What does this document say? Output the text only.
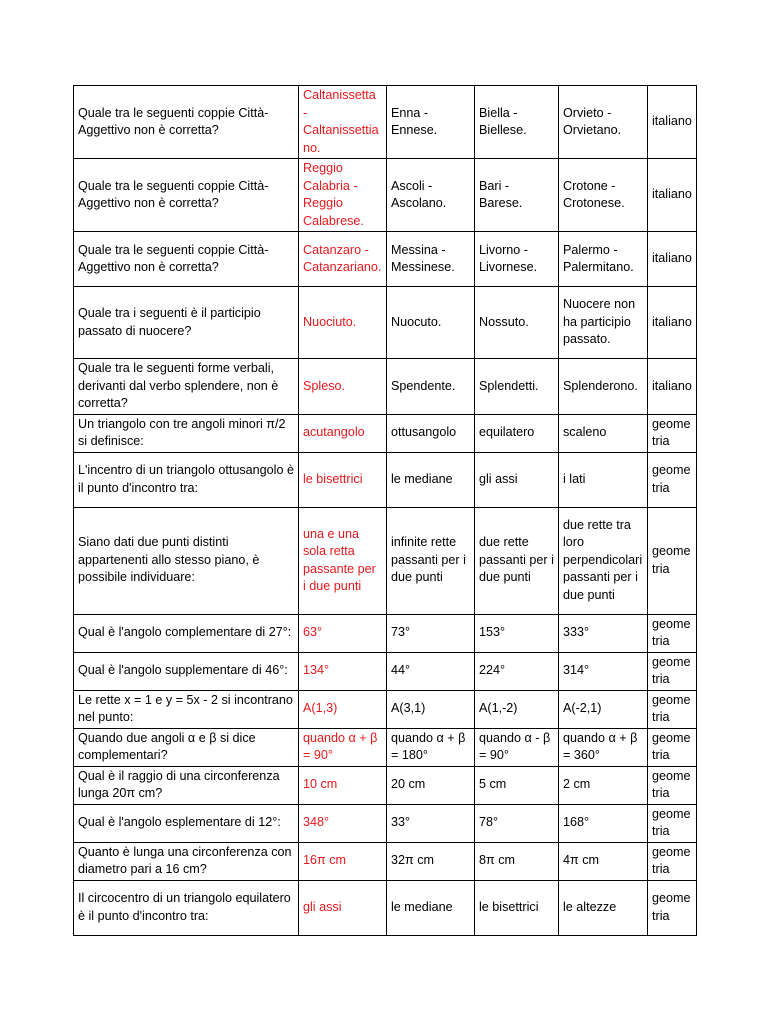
Quale tra le seguenti coppie Città-Aggettivo non è corretta?	Caltanissetta - Caltanissettiano.	Enna - Ennese.	Biella - Biellese.	Orvieto - Orvietano.	italiano
Quale tra le seguenti coppie Città-Aggettivo non è corretta?	Reggio Calabria - Reggio Calabrese.	Ascoli - Ascolano.	Bari - Barese.	Crotone - Crotonese.	italiano
Quale tra le seguenti coppie Città-Aggettivo non è corretta?	Catanzaro - Catanzariano.	Messina - Messinese.	Livorno - Livornese.	Palermo - Palermitano.	italiano
Quale tra i seguenti è il participio passato di nuocere?	Nuociuto.	Nuocuto.	Nossuto.	Nuocere non ha participio passato.	italiano
Quale tra le seguenti forme verbali, derivanti dal verbo splendere, non è corretta?	Spleso.	Spendente.	Splendetti.	Splenderono.	italiano
Un triangolo con tre angoli minori π/2 si definisce:	acutangolo	ottusangolo	equilatero	scaleno	geometria
L'incentro di un triangolo ottusangolo è il punto d'incontro tra:	le bisettrici	le mediane	gli assi	i lati	geometria
Siano dati due punti distinti appartenenti allo stesso piano, è possibile individuare:	una e una sola retta passante per i due punti	infinite rette passanti per i due punti	due rette passanti per i due punti	due rette tra loro perpendicolari passanti per i due punti	geometria
Qual è l'angolo complementare di 27°:	63°	73°	153°	333°	geometria
Qual è l'angolo supplementare di 46°:	134°	44°	224°	314°	geometria
Le rette x = 1 e y = 5x - 2 si incontrano nel punto:	A(1,3)	A(3,1)	A(1,-2)	A(-2,1)	geometria
Quando due angoli α e β si dice complementari?	quando α + β = 90°	quando α + β = 180°	quando α - β = 90°	quando α + β = 360°	geometria
Qual è il raggio di una circonferenza lunga 20π cm?	10 cm	20 cm	5 cm	2 cm	geometria
Qual è l'angolo esplementare di 12°:	348°	33°	78°	168°	geometria
Quanto è lunga una circonferenza con diametro pari a 16 cm?	16π cm	32π cm	8π cm	4π cm	geometria
Il circocentro di un triangolo equilatero è il punto d'incontro tra:	gli assi	le mediane	le bisettrici	le altezze	geometria
